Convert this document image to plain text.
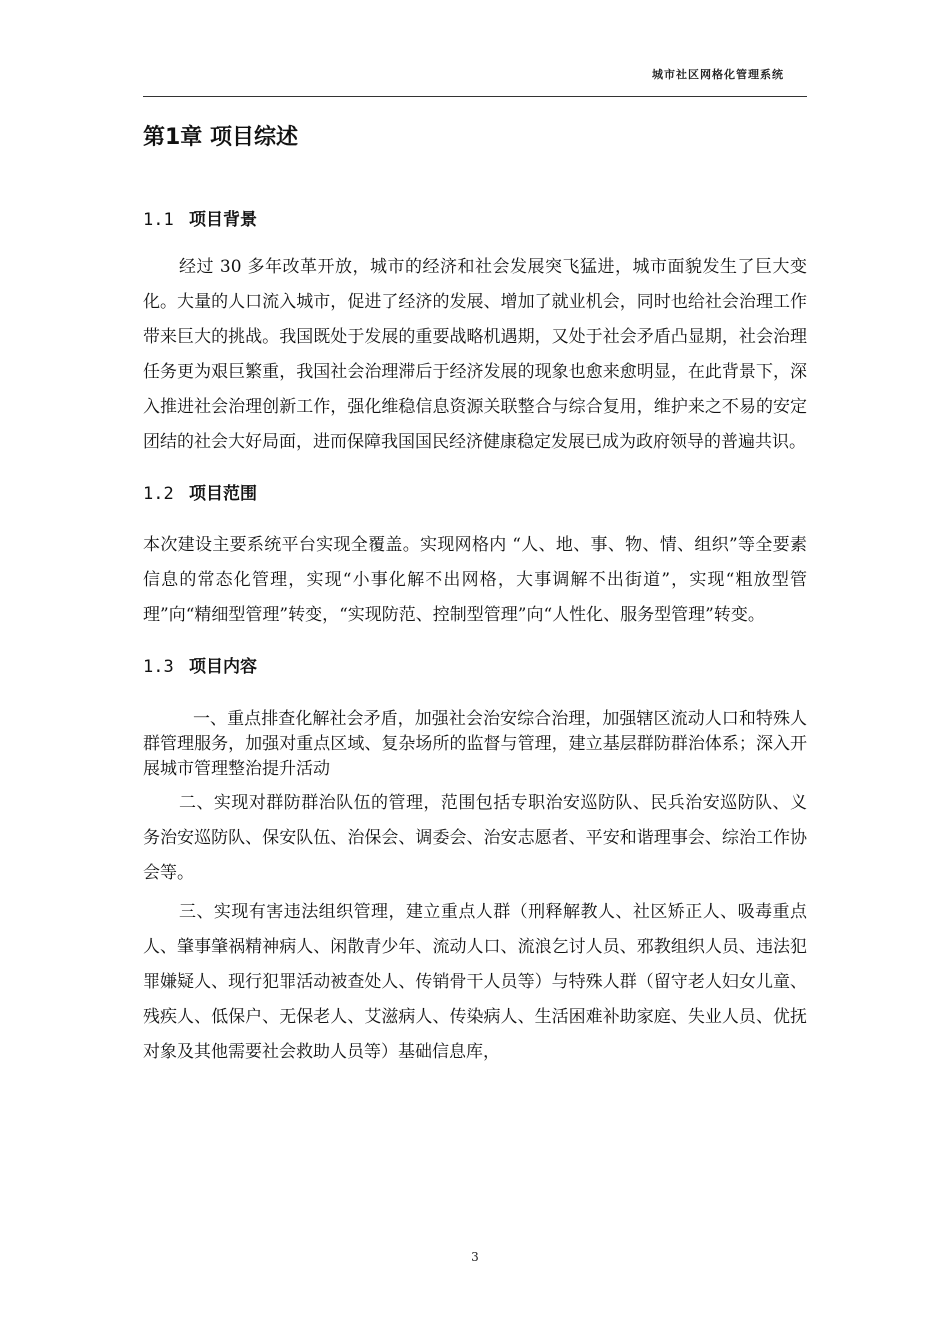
城市社区网格化管理系统
第1章 项目综述
1.1 项目背景

经过 30 多年改革开放，城市的经济和社会发展突飞猛进，城市面貌发生了巨大变化。大量的人口流入城市，促进了经济的发展、增加了就业机会，同时也给社会治理工作带来巨大的挑战。我国既处于发展的重要战略机遇期，又处于社会矛盾凸显期，社会治理任务更为艰巨繁重，我国社会治理滞后于经济发展的现象也愈来愈明显，在此背景下，深入推进社会治理创新工作，强化维稳信息资源关联整合与综合复用，维护来之不易的安定团结的社会大好局面，进而保障我国国民经济健康稳定发展已成为政府领导的普遍共识。

1.2 项目范围

本次建设主要系统平台实现全覆盖。实现网格内 “人、地、事、物、情、组织”等全要素信息的常态化管理，实现“小事化解不出网格，大事调解不出街道”，实现“粗放型管理”向“精细型管理”转变，“实现防范、控制型管理”向“人性化、服务型管理”转变。

1.3 项目内容

一、重点排查化解社会矛盾，加强社会治安综合治理，加强辖区流动人口和特殊人群管理服务，加强对重点区域、复杂场所的监督与管理，建立基层群防群治体系；深入开展城市管理整治提升活动

二、实现对群防群治队伍的管理，范围包括专职治安巡防队、民兵治安巡防队、义务治安巡防队、保安队伍、治保会、调委会、治安志愿者、平安和谐理事会、综治工作协会等。

三、实现有害违法组织管理，建立重点人群（刑释解教人、社区矫正人、吸毒重点人、肇事肇祸精神病人、闲散青少年、流动人口、流浪乞讨人员、邪教组织人员、违法犯罪嫌疑人、现行犯罪活动被查处人、传销骨干人员等）与特殊人群（留守老人妇女儿童、残疾人、低保户、无保老人、艾滋病人、传染病人、生活困难补助家庭、失业人员、优抚对象及其他需要社会救助人员等）基础信息库，

3
